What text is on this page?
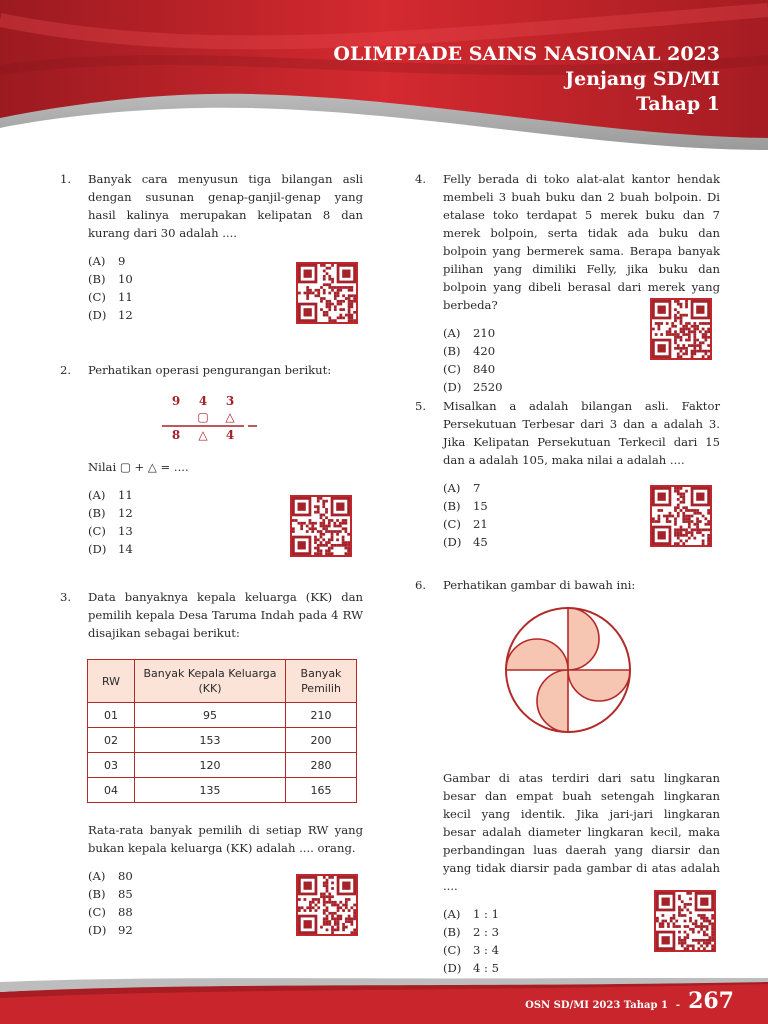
OLIMPIADE SAINS NASIONAL 2023
Jenjang SD/MI
Tahap 1
OSN SD/MI 2023 Tahap 1 - 267
1. Banyak cara menyusun tiga bilangan asli dengan susunan genap-ganjil-genap yang hasil kalinya merupakan kelipatan 8 dan kurang dari 30 adalah ....
(A)	9
(B)	10
(C)	11
(D)	12
2. Perhatikan operasi pengurangan berikut:
9 4 3
▢ △
8 △ 4
Nilai ▢ + △ = ....
(A)	11
(B)	12
(C)	13
(D)	14
3. Data banyaknya kepala keluarga (KK) dan pemilih kepala Desa Taruma Indah pada 4 RW disajikan sebagai berikut:
RW	Banyak Kepala Keluarga (KK)	Banyak Pemilih
01	95	210
02	153	200
03	120	280
04	135	165
Rata-rata banyak pemilih di setiap RW yang bukan kepala keluarga (KK) adalah .... orang.
(A)	80
(B)	85
(C)	88
(D)	92
4. Felly berada di toko alat-alat kantor hendak membeli 3 buah buku dan 2 buah bolpoin. Di etalase toko terdapat 5 merek buku dan 7 merek bolpoin, serta tidak ada buku dan bolpoin yang bermerek sama. Berapa banyak pilihan yang dimiliki Felly, jika buku dan bolpoin yang dibeli berasal dari merek yang berbeda?
(A)	210
(B)	420
(C)	840
(D)	2520
5. Misalkan a adalah bilangan asli. Faktor Persekutuan Terbesar dari 3 dan a adalah 3. Jika Kelipatan Persekutuan Terkecil dari 15 dan a adalah 105, maka nilai a adalah ....
(A)	7
(B)	15
(C)	21
(D)	45
6. Perhatikan gambar di bawah ini:
Gambar di atas terdiri dari satu lingkaran besar dan empat buah setengah lingkaran kecil yang identik. Jika jari-jari lingkaran besar adalah diameter lingkaran kecil, maka perbandingan luas daerah yang diarsir dan yang tidak diarsir pada gambar di atas adalah ....
(A)	1 : 1
(B)	2 : 3
(C)	3 : 4
(D)	4 : 5
